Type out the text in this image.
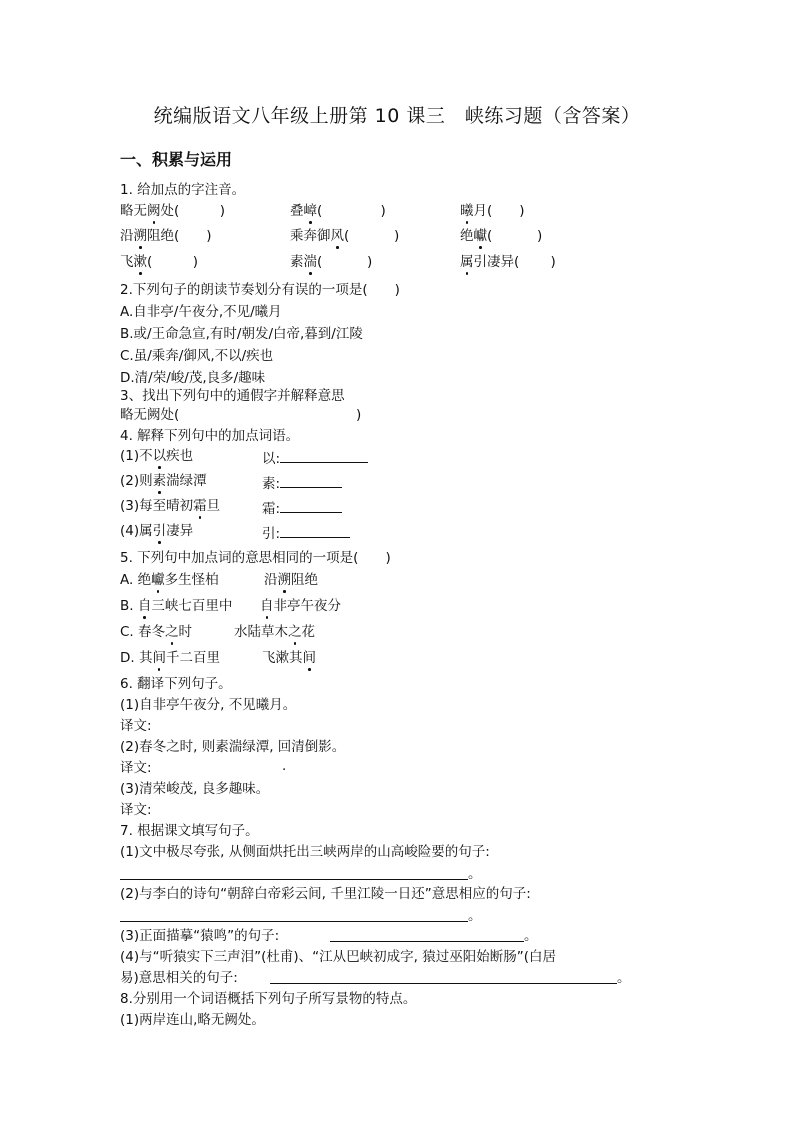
统编版语文八年级上册第 10 课三　峡练习题（含答案）
一、积累与运用
1. 给加点的字注音。
略无阙处(   )	叠嶂(     )	曦月(  )
沿溯阻绝(  )	乘奔御风(    )	绝巘(    )
飞漱(   )	素湍(    )	属引凄异(   )
2.下列句子的朗读节奏划分有误的一项是(  )
A.自非亭/午夜分,不见/曦月
B.或/王命急宣,有时/朝发/白帝,暮到/江陵
C.虽/乘奔/御风,不以/疾也
D.清/荣/峻/茂,良多/趣味
3、找出下列句中的通假字并解释意思
略无阙处(	)
4. 解释下列句中的加点词语。
(1)不以疾也	以:
(2)则素湍绿潭	素:
(3)每至晴初霜旦	霜:
(4)属引凄异	引:
5. 下列句中加点词的意思相同的一项是(  )
A. 绝巘多生怪柏	沿溯阻绝
B. 自三峡七百里中 自非亭午夜分
C. 春冬之时	水陆草木之花
D. 其间千二百里	飞漱其间
6. 翻译下列句子。
(1)自非亭午夜分, 不见曦月。
译文:
(2)春冬之时, 则素湍绿潭, 回清倒影。
译文:	.
(3)清荣峻茂, 良多趣味。
译文:
7. 根据课文填写句子。
(1)文中极尽夸张, 从侧面烘托出三峡两岸的山高峻险要的句子:
。
(2)与李白的诗句“朝辞白帝彩云间, 千里江陵一日还”意思相应的句子:
。
(3)正面描摹“猿鸣”的句子:	。
(4)与“听猿实下三声泪”(杜甫)、“江从巴峡初成字, 猿过巫阳始断肠”(白居
易)意思相关的句子:	。
8.分别用一个词语概括下列句子所写景物的特点。
(1)两岸连山,略无阙处。
